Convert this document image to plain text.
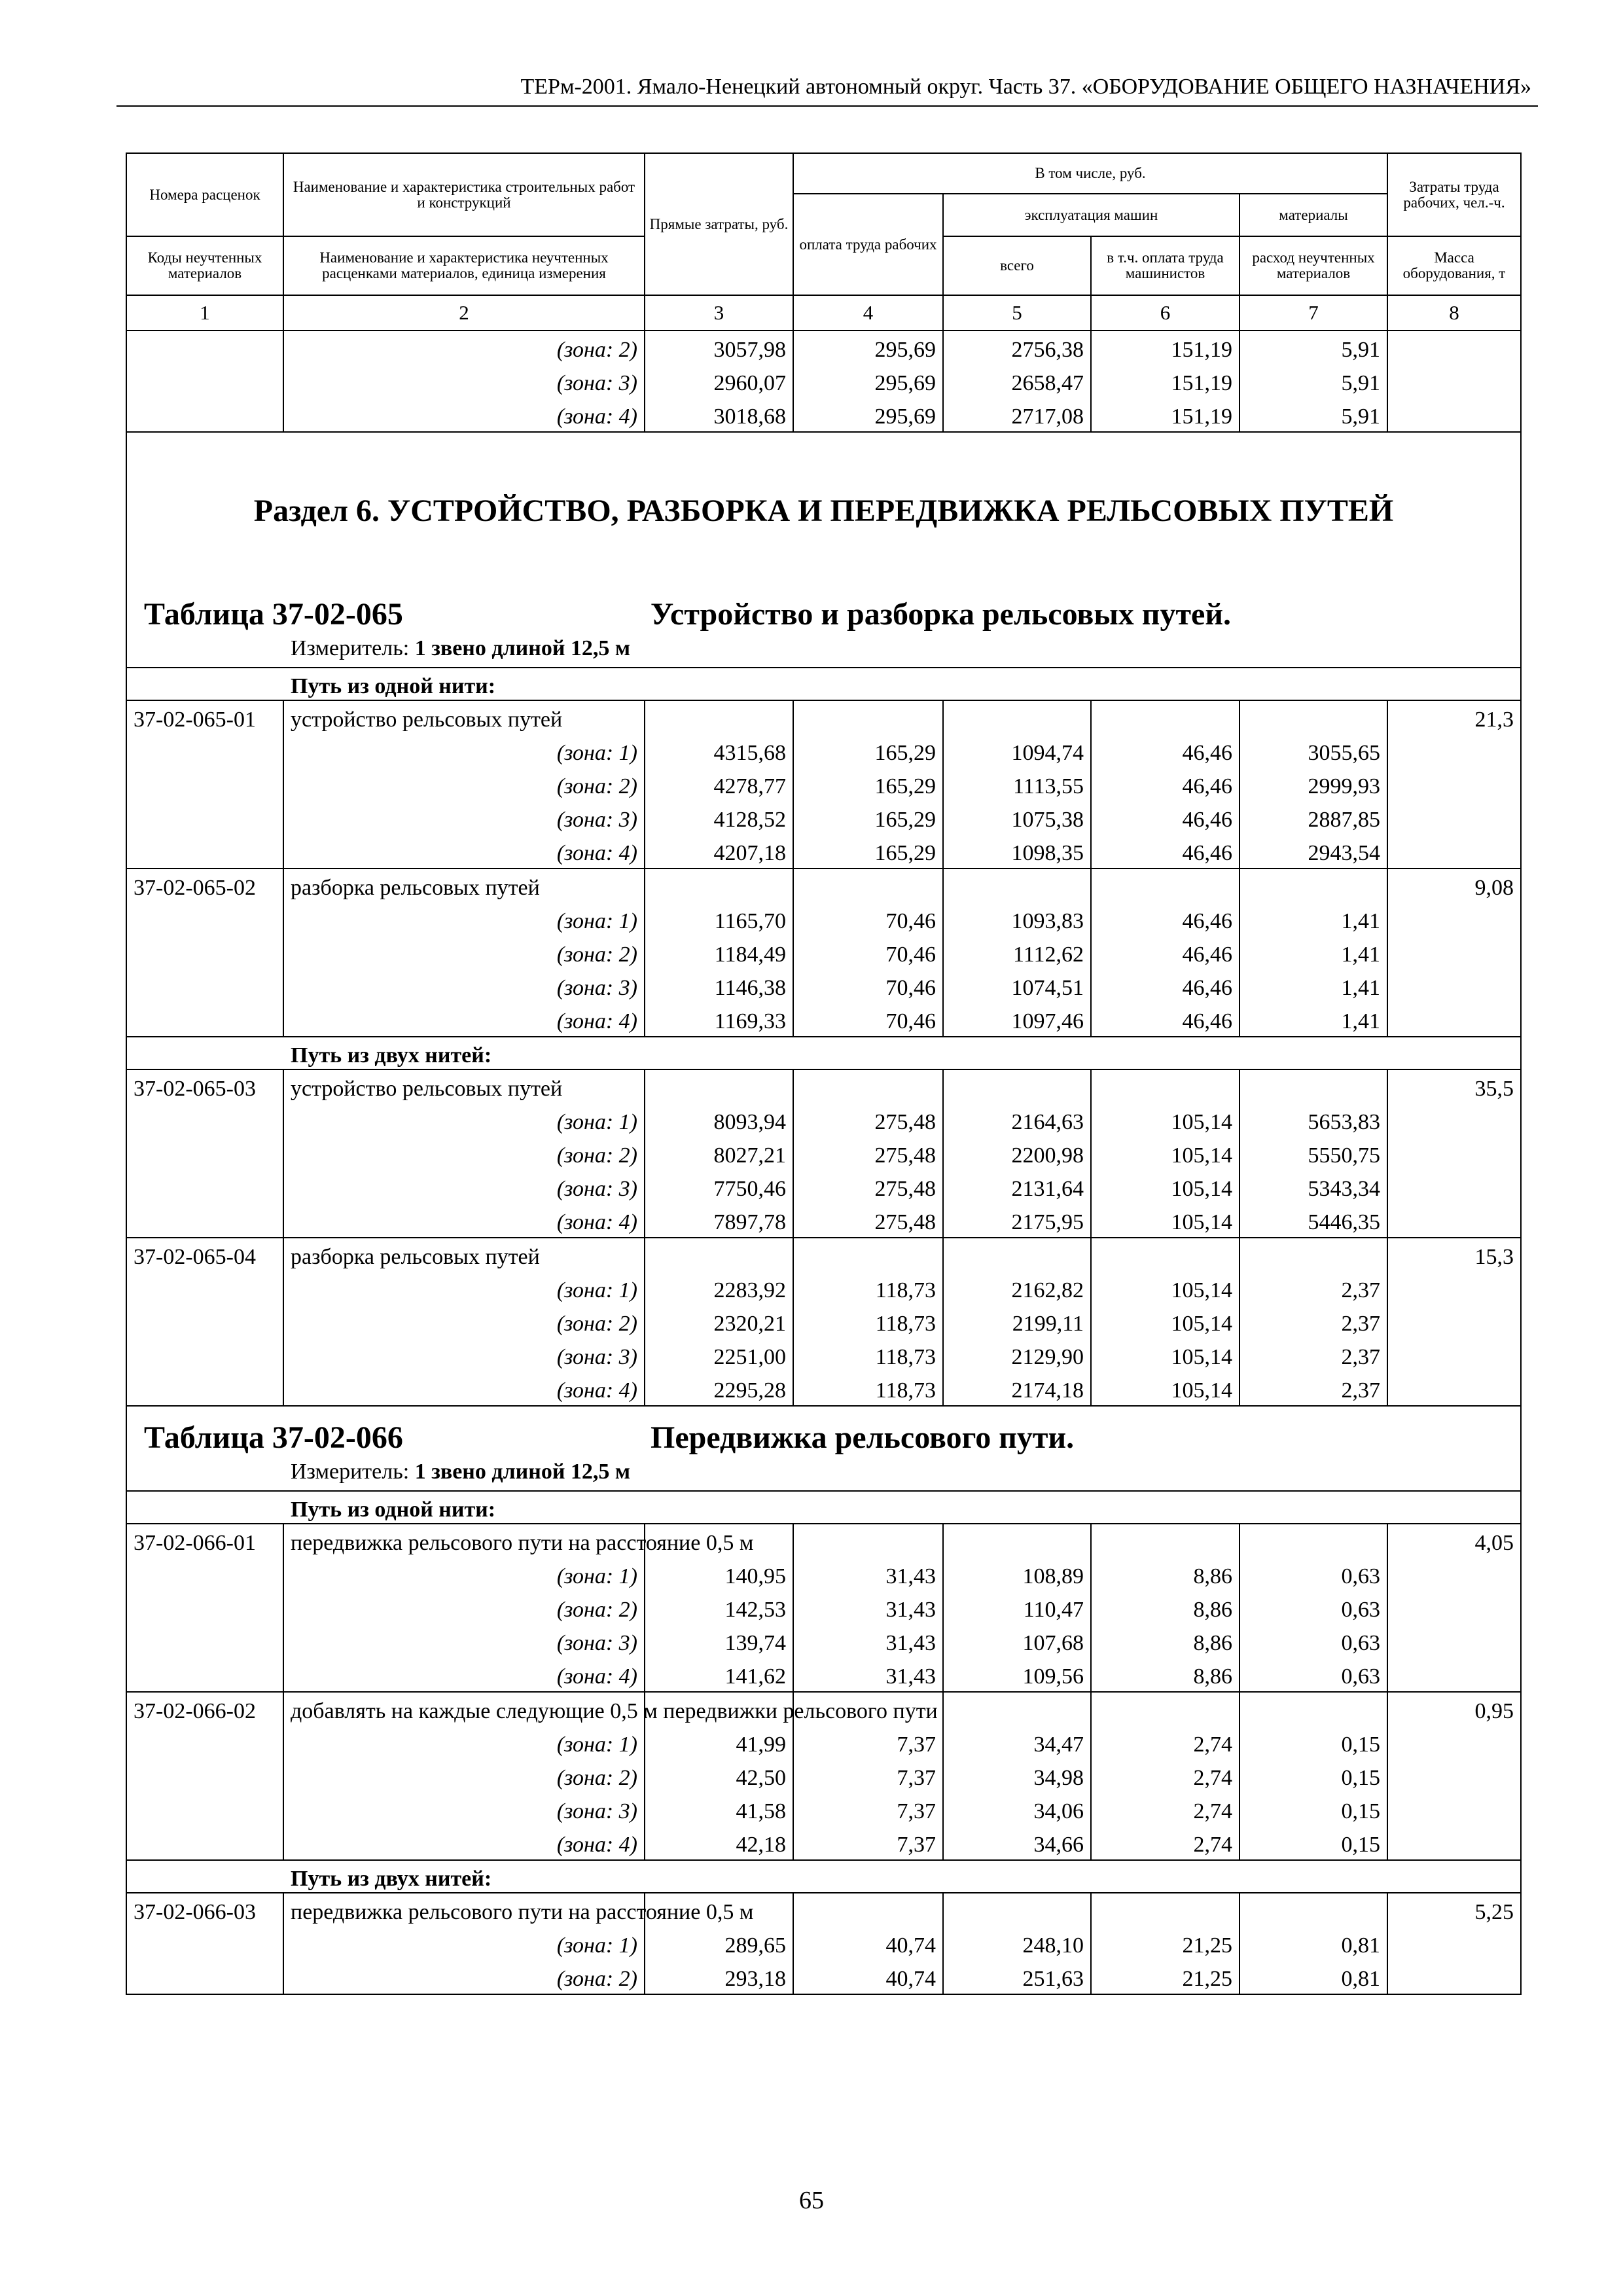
ТЕРм-2001. Ямало-Ненецкий автономный округ. Часть 37. «ОБОРУДОВАНИЕ ОБЩЕГО НАЗНАЧЕНИЯ»
Номера расценок	Наименование и характеристика строительных работ и конструкций	Прямые затраты, руб.	В том числе, руб.				Затраты труда рабочих, чел.-ч.
			оплата труда рабочих	эксплуатация машин		материалы	
Коды неучтенных материалов	Наименование и характеристика неучтенных расценками материалов, единица измерения			всего	в т.ч. оплата труда машинистов	расход неучтенных материалов	Масса оборудования, т
1	2	3	4	5	6	7	8
	(зона: 2)	3057,98	295,69	2756,38	151,19	5,91	
	(зона: 3)	2960,07	295,69	2658,47	151,19	5,91	
	(зона: 4)	3018,68	295,69	2717,08	151,19	5,91	

Раздел 6. УСТРОЙСТВО, РАЗБОРКА И ПЕРЕДВИЖКА РЕЛЬСОВЫХ ПУТЕЙ							

Таблица 37-02-065 Устройство и разборка рельсовых путей.
Измеритель: 1 звено длиной 12,5 м							

Путь из одной нити:							
37-02-065-01	устройство рельсовых путей						21,3
	(зона: 1)	4315,68	165,29	1094,74	46,46	3055,65	
	(зона: 2)	4278,77	165,29	1113,55	46,46	2999,93	
	(зона: 3)	4128,52	165,29	1075,38	46,46	2887,85	
	(зона: 4)	4207,18	165,29	1098,35	46,46	2943,54	
37-02-065-02	разборка рельсовых путей						9,08
	(зона: 1)	1165,70	70,46	1093,83	46,46	1,41	
	(зона: 2)	1184,49	70,46	1112,62	46,46	1,41	
	(зона: 3)	1146,38	70,46	1074,51	46,46	1,41	
	(зона: 4)	1169,33	70,46	1097,46	46,46	1,41	
Путь из двух нитей:							
37-02-065-03	устройство рельсовых путей						35,5
	(зона: 1)	8093,94	275,48	2164,63	105,14	5653,83	
	(зона: 2)	8027,21	275,48	2200,98	105,14	5550,75	
	(зона: 3)	7750,46	275,48	2131,64	105,14	5343,34	
	(зона: 4)	7897,78	275,48	2175,95	105,14	5446,35	
37-02-065-04	разборка рельсовых путей						15,3
	(зона: 1)	2283,92	118,73	2162,82	105,14	2,37	
	(зона: 2)	2320,21	118,73	2199,11	105,14	2,37	
	(зона: 3)	2251,00	118,73	2129,90	105,14	2,37	
	(зона: 4)	2295,28	118,73	2174,18	105,14	2,37	

Таблица 37-02-066 Передвижка рельсового пути.
Измеритель: 1 звено длиной 12,5 м							

Путь из одной нити:							
37-02-066-01	передвижка рельсового пути на расстояние 0,5 м						4,05
	(зона: 1)	140,95	31,43	108,89	8,86	0,63	
	(зона: 2)	142,53	31,43	110,47	8,86	0,63	
	(зона: 3)	139,74	31,43	107,68	8,86	0,63	
	(зона: 4)	141,62	31,43	109,56	8,86	0,63	
37-02-066-02	добавлять на каждые следующие 0,5 м передвижки рельсового пути						0,95
	(зона: 1)	41,99	7,37	34,47	2,74	0,15	
	(зона: 2)	42,50	7,37	34,98	2,74	0,15	
	(зона: 3)	41,58	7,37	34,06	2,74	0,15	
	(зона: 4)	42,18	7,37	34,66	2,74	0,15	
Путь из двух нитей:							
37-02-066-03	передвижка рельсового пути на расстояние 0,5 м						5,25
	(зона: 1)	289,65	40,74	248,10	21,25	0,81	
	(зона: 2)	293,18	40,74	251,63	21,25	0,81	
65
